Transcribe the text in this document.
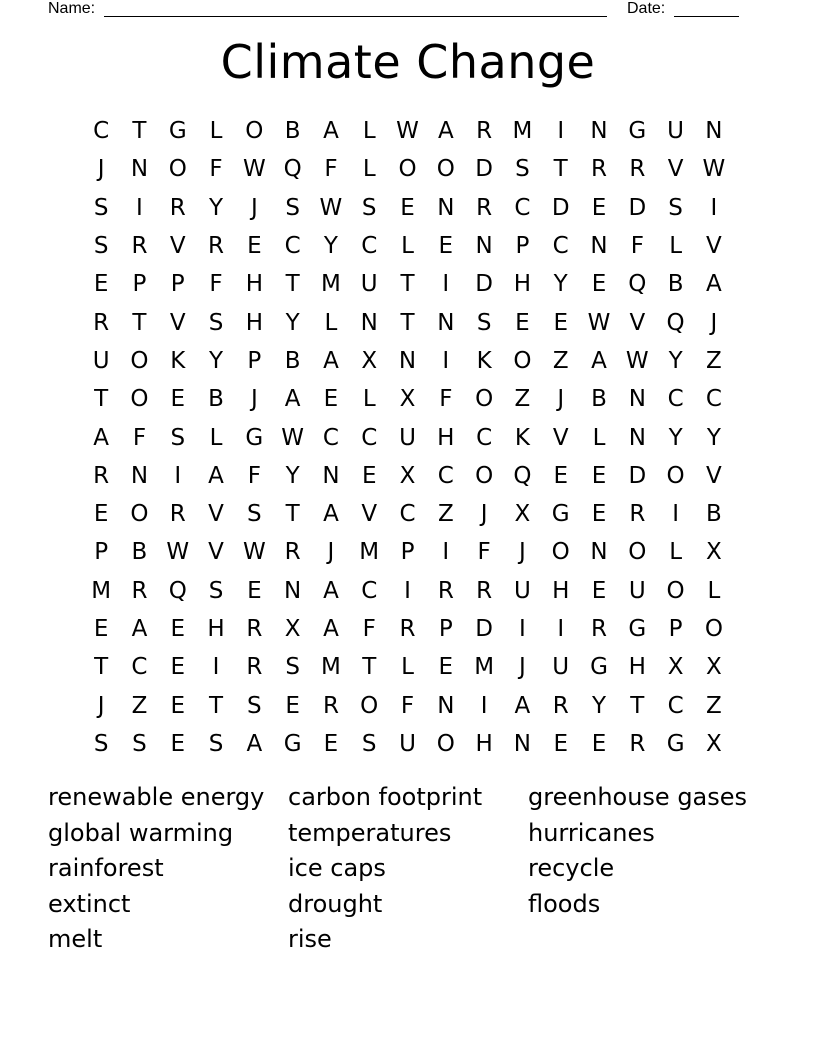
Name:	Date:
Climate Change
C	T G L O B A	L W A R M	I	N G U N
J	N O F W Q F	L O O D S	T	R R V W
S	I	R	Y	J	S W S	E N R C D E D S	I
S	R V R	E C	Y	C	L	E N P	C N	F	L	V
E	P	P	F	H T M U T	I	D H Y	E Q B A
R	T	V	S H Y	L	N T N S	E	E W V Q	J
U O K	Y	P	B A X N	I	K O Z A W Y	Z
T O E	B	J	A	E	L	X	F O Z	J	B N C C
A	F	S	L G W C C U H C K V	L	N Y	Y
R N	I	A	F	Y N E	X C O Q E	E D O V
E O R V	S	T	A V C Z	J	X G E	R	I	B
P	B W V W R	J	M P	I	F	J	O N O L	X
M R Q S	E N A C	I	R R U H E U O L
E	A	E H R X A	F	R	P D	I	I	R G P O
T	C	E	I	R	S M T	L	E M	J	U G H X X
J	Z	E	T	S	E	R O F	N	I	A R	Y	T	C Z
S	S	E	S	A G E	S U O H N E	E	R G X
renewable energy
global warming
rainforest
extinct
melt
carbon footprint
temperatures
ice caps
drought
rise
greenhouse gases
hurricanes
recycle
floods
